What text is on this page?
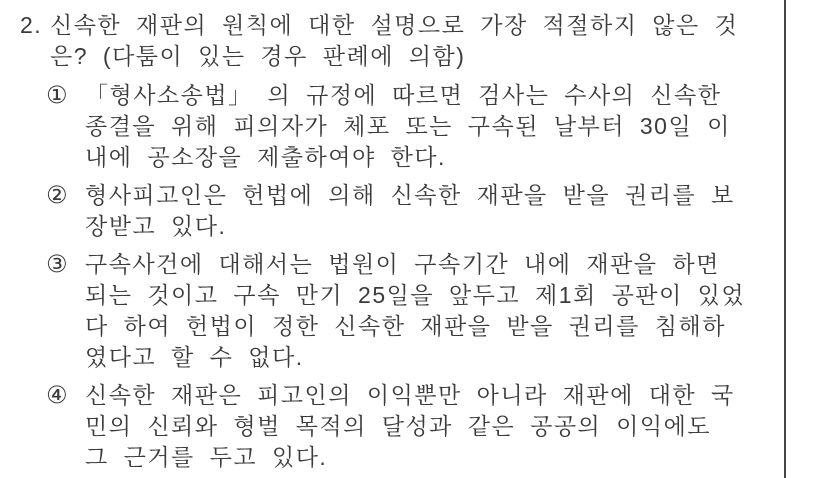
2. 신속한 재판의 원칙에 대한 설명으로 가장 적절하지 않은 것
은? (다툼이 있는 경우 판례에 의함)
① 「형사소송법」 의 규정에 따르면 검사는 수사의 신속한
종결을 위해 피의자가 체포 또는 구속된 날부터 30일 이
내에 공소장을 제출하여야 한다.
② 형사피고인은 헌법에 의해 신속한 재판을 받을 권리를 보
장받고 있다.
③ 구속사건에 대해서는 법원이 구속기간 내에 재판을 하면
되는 것이고 구속 만기 25일을 앞두고 제1회 공판이 있었
다 하여 헌법이 정한 신속한 재판을 받을 권리를 침해하
였다고 할 수 없다.
④ 신속한 재판은 피고인의 이익뿐만 아니라 재판에 대한 국
민의 신뢰와 형벌 목적의 달성과 같은 공공의 이익에도
그 근거를 두고 있다.
